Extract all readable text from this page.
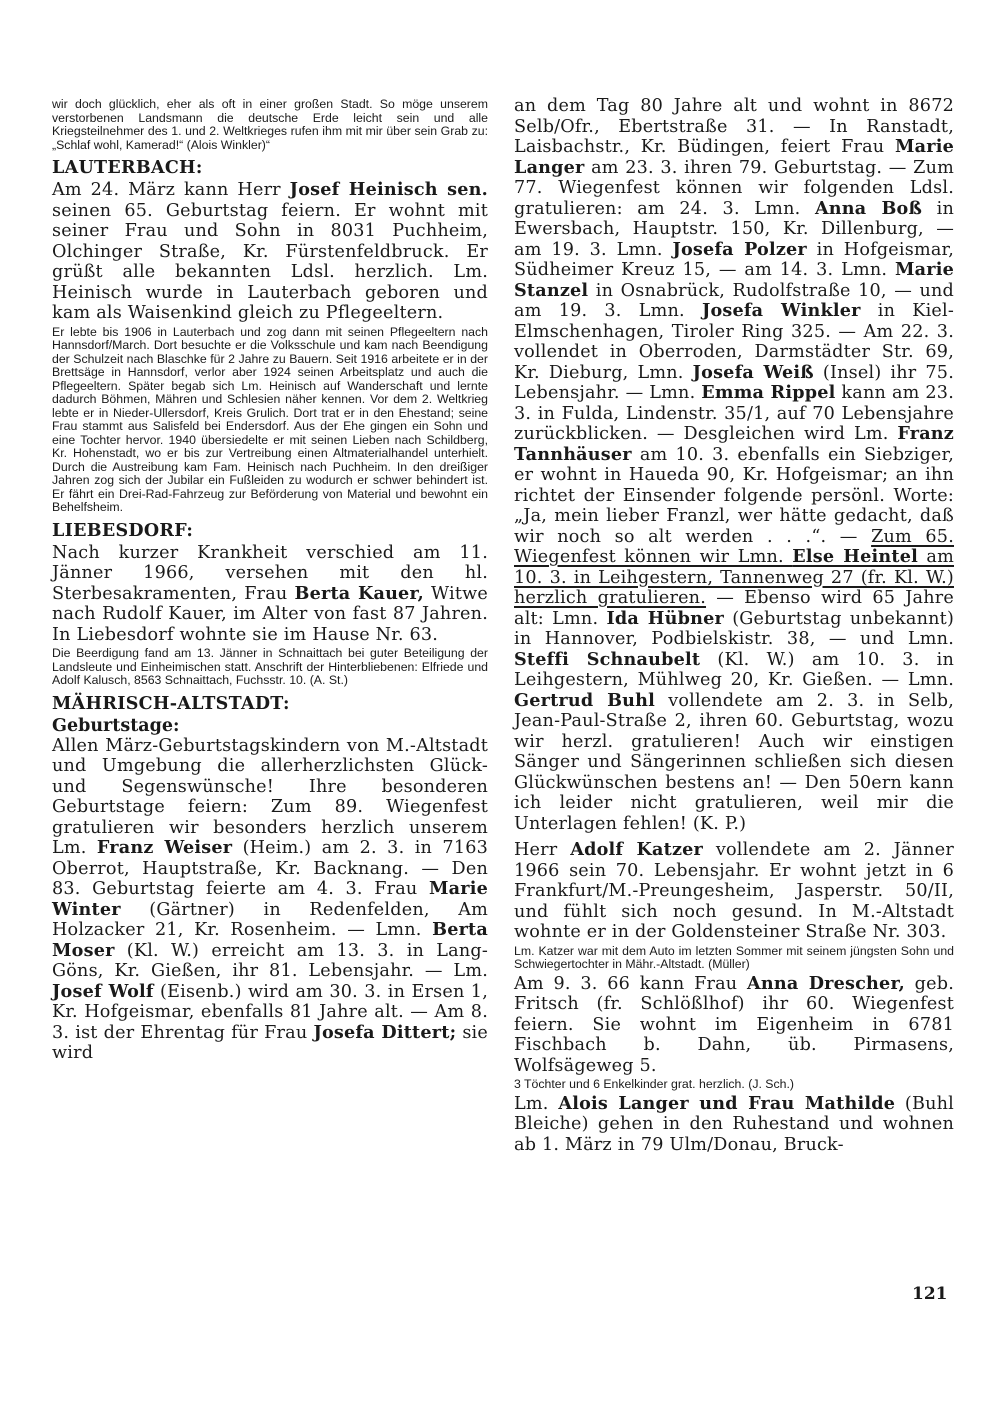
wir doch glücklich, eher als oft in einer großen Stadt. So möge unserem verstorbenen Landsmann die deutsche Erde leicht sein und alle Kriegsteilnehmer des 1. und 2. Weltkrieges rufen ihm mit mir über sein Grab zu: „Schlaf wohl, Kamerad!“ (Alois Winkler)“

LAUTERBACH:

Am 24. März kann Herr Josef Heinisch sen. seinen 65. Geburtstag feiern. Er wohnt mit seiner Frau und Sohn in 8031 Puchheim, Olchinger Straße, Kr. Fürstenfeldbruck. Er grüßt alle bekannten Ldsl. herzlich. Lm. Heinisch wurde in Lauterbach geboren und kam als Waisenkind gleich zu Pflegeeltern.

Er lebte bis 1906 in Lauterbach und zog dann mit seinen Pflegeeltern nach Hannsdorf/March. Dort besuchte er die Volksschule und kam nach Beendigung der Schulzeit nach Blaschke für 2 Jahre zu Bauern. Seit 1916 arbeitete er in der Brettsäge in Hannsdorf, verlor aber 1924 seinen Arbeitsplatz und auch die Pflegeeltern. Später begab sich Lm. Heinisch auf Wanderschaft und lernte dadurch Böhmen, Mähren und Schlesien näher kennen. Vor dem 2. Weltkrieg lebte er in Nieder-Ullersdorf, Kreis Grulich. Dort trat er in den Ehestand; seine Frau stammt aus Salisfeld bei Endersdorf. Aus der Ehe gingen ein Sohn und eine Tochter hervor. 1940 übersiedelte er mit seinen Lieben nach Schildberg, Kr. Hohenstadt, wo er bis zur Vertreibung einen Altmaterialhandel unterhielt. Durch die Austreibung kam Fam. Heinisch nach Puchheim. In den dreißiger Jahren zog sich der Jubilar ein Fußleiden zu wodurch er schwer behindert ist. Er fährt ein Drei-Rad-Fahrzeug zur Beförderung von Material und bewohnt ein Behelfsheim.

LIEBESDORF:

Nach kurzer Krankheit verschied am 11. Jänner 1966, versehen mit den hl. Sterbesakramenten, Frau Berta Kauer, Witwe nach Rudolf Kauer, im Alter von fast 87 Jahren. In Liebesdorf wohnte sie im Hause Nr. 63.

Die Beerdigung fand am 13. Jänner in Schnaittach bei guter Beteiligung der Landsleute und Einheimischen statt. Anschrift der Hinterbliebenen: Elfriede und Adolf Kalusch, 8563 Schnaittach, Fuchsstr. 10. (A. St.)

MÄHRISCH-ALTSTADT:
Geburtstage:

Allen März-Geburtstagskindern von M.-Altstadt und Umgebung die allerherzlichsten Glück- und Segenswünsche! Ihre besonderen Geburtstage feiern: Zum 89. Wiegenfest gratulieren wir besonders herzlich unserem Lm. Franz Weiser (Heim.) am 2. 3. in 7163 Oberrot, Hauptstraße, Kr. Backnang. — Den 83. Geburtstag feierte am 4. 3. Frau Marie Winter (Gärtner) in Redenfelden, Am Holzacker 21, Kr. Rosenheim. — Lmn. Berta Moser (Kl. W.) erreicht am 13. 3. in Lang-Göns, Kr. Gießen, ihr 81. Lebensjahr. — Lm. Josef Wolf (Eisenb.) wird am 30. 3. in Ersen 1, Kr. Hofgeismar, ebenfalls 81 Jahre alt. — Am 8. 3. ist der Ehrentag für Frau Josefa Dittert; sie wird

an dem Tag 80 Jahre alt und wohnt in 8672 Selb/Ofr., Ebertstraße 31. — In Ranstadt, Laisbachstr., Kr. Büdingen, feiert Frau Marie Langer am 23. 3. ihren 79. Geburtstag. — Zum 77. Wiegenfest können wir folgenden Ldsl. gratulieren: am 24. 3. Lmn. Anna Boß in Ewersbach, Hauptstr. 150, Kr. Dillenburg, — am 19. 3. Lmn. Josefa Polzer in Hofgeismar, Südheimer Kreuz 15, — am 14. 3. Lmn. Marie Stanzel in Osnabrück, Rudolfstraße 10, — und am 19. 3. Lmn. Josefa Winkler in Kiel-Elmschenhagen, Tiroler Ring 325. — Am 22. 3. vollendet in Oberroden, Darmstädter Str. 69, Kr. Dieburg, Lmn. Josefa Weiß (Insel) ihr 75. Lebensjahr. — Lmn. Emma Rippel kann am 23. 3. in Fulda, Lindenstr. 35/1, auf 70 Lebensjahre zurückblicken. — Desgleichen wird Lm. Franz Tannhäuser am 10. 3. ebenfalls ein Siebziger, er wohnt in Haueda 90, Kr. Hofgeismar; an ihn richtet der Einsender folgende persönl. Worte: „Ja, mein lieber Franzl, wer hätte gedacht, daß wir noch so alt werden . . .“. — Zum 65. Wiegenfest können wir Lmn. Else Heintel am 10. 3. in Leihgestern, Tannenweg 27 (fr. Kl. W.) herzlich gratulieren. — Ebenso wird 65 Jahre alt: Lmn. Ida Hübner (Geburtstag unbekannt) in Hannover, Podbielskistr. 38, — und Lmn. Steffi Schnaubelt (Kl. W.) am 10. 3. in Leihgestern, Mühlweg 20, Kr. Gießen. — Lmn. Gertrud Buhl vollendete am 2. 3. in Selb, Jean-Paul-Straße 2, ihren 60. Geburtstag, wozu wir herzl. gratulieren! Auch wir einstigen Sänger und Sängerinnen schließen sich diesen Glückwünschen bestens an! — Den 50ern kann ich leider nicht gratulieren, weil mir die Unterlagen fehlen! (K. P.)

Herr Adolf Katzer vollendete am 2. Jänner 1966 sein 70. Lebensjahr. Er wohnt jetzt in 6 Frankfurt/M.-Preungesheim, Jasperstr. 50/II, und fühlt sich noch gesund. In M.-Altstadt wohnte er in der Goldensteiner Straße Nr. 303.

Lm. Katzer war mit dem Auto im letzten Sommer mit seinem jüngsten Sohn und Schwiegertochter in Mähr.-Altstadt. (Müller)

Am 9. 3. 66 kann Frau Anna Drescher, geb. Fritsch (fr. Schlößlhof) ihr 60. Wiegenfest feiern. Sie wohnt im Eigenheim in 6781 Fischbach b. Dahn, üb. Pirmasens, Wolfsägeweg 5.

3 Töchter und 6 Enkelkinder grat. herzlich. (J. Sch.)

Lm. Alois Langer und Frau Mathilde (Buhl Bleiche) gehen in den Ruhestand und wohnen ab 1. März in 79 Ulm/Donau, Bruck-

121
